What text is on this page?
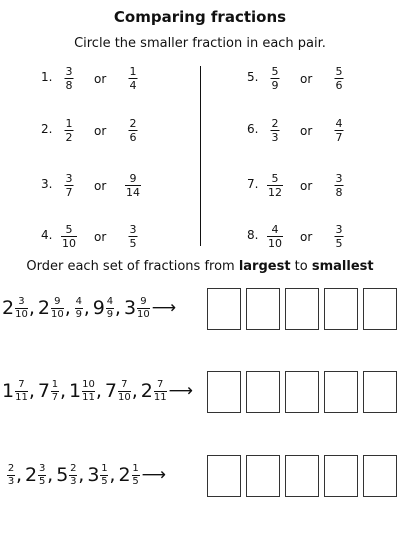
Comparing fractions
Circle the smaller fraction in each pair.
1. 3
8 or
1
4
2. 1
2 or
2
6
3. 3
7 or
9
14
4. 5
10 or
3
5
5. 5
9 or
5
6
6. 2
3 or
4
7
7. 5
12 or
3
8
8. 4
10 or
3
5
Order each set of fractions from largest to smallest
2 3
10 , 2 9
10 , 4
9 , 9 4
9 , 3 9
10 ⟶
1 7
11 , 7 1
7 , 1 10
11 , 7 7
10 , 2 7
11 ⟶
2
3 , 2 3
5 , 5 2
3 , 3 1
5 , 2 1
5 ⟶
